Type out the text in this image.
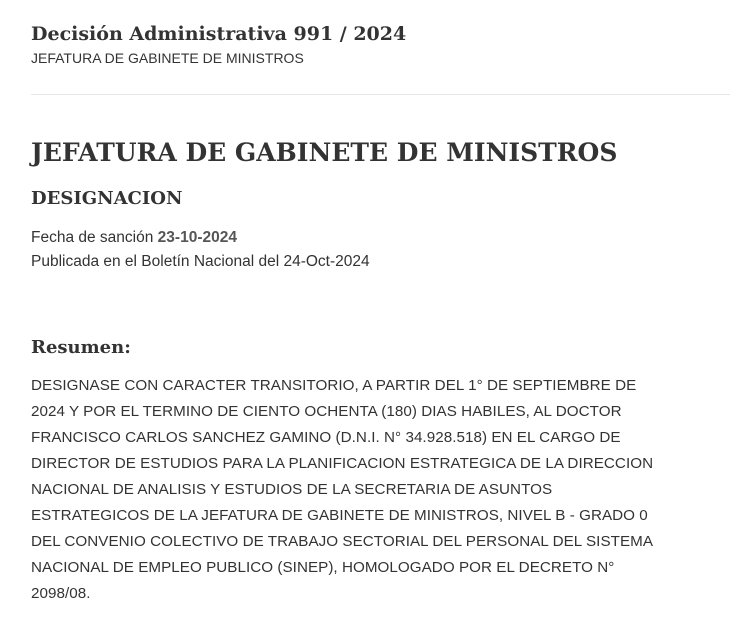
Decisión Administrativa 991 / 2024
JEFATURA DE GABINETE DE MINISTROS
JEFATURA DE GABINETE DE MINISTROS
DESIGNACION
Fecha de sanción 23-10-2024
Publicada en el Boletín Nacional del 24-Oct-2024
Resumen:
DESIGNASE CON CARACTER TRANSITORIO, A PARTIR DEL 1° DE SEPTIEMBRE DE
2024 Y POR EL TERMINO DE CIENTO OCHENTA (180) DIAS HABILES, AL DOCTOR
FRANCISCO CARLOS SANCHEZ GAMINO (D.N.I. N° 34.928.518) EN EL CARGO DE
DIRECTOR DE ESTUDIOS PARA LA PLANIFICACION ESTRATEGICA DE LA DIRECCION
NACIONAL DE ANALISIS Y ESTUDIOS DE LA SECRETARIA DE ASUNTOS
ESTRATEGICOS DE LA JEFATURA DE GABINETE DE MINISTROS, NIVEL B - GRADO 0
DEL CONVENIO COLECTIVO DE TRABAJO SECTORIAL DEL PERSONAL DEL SISTEMA
NACIONAL DE EMPLEO PUBLICO (SINEP), HOMOLOGADO POR EL DECRETO N°
2098/08.
